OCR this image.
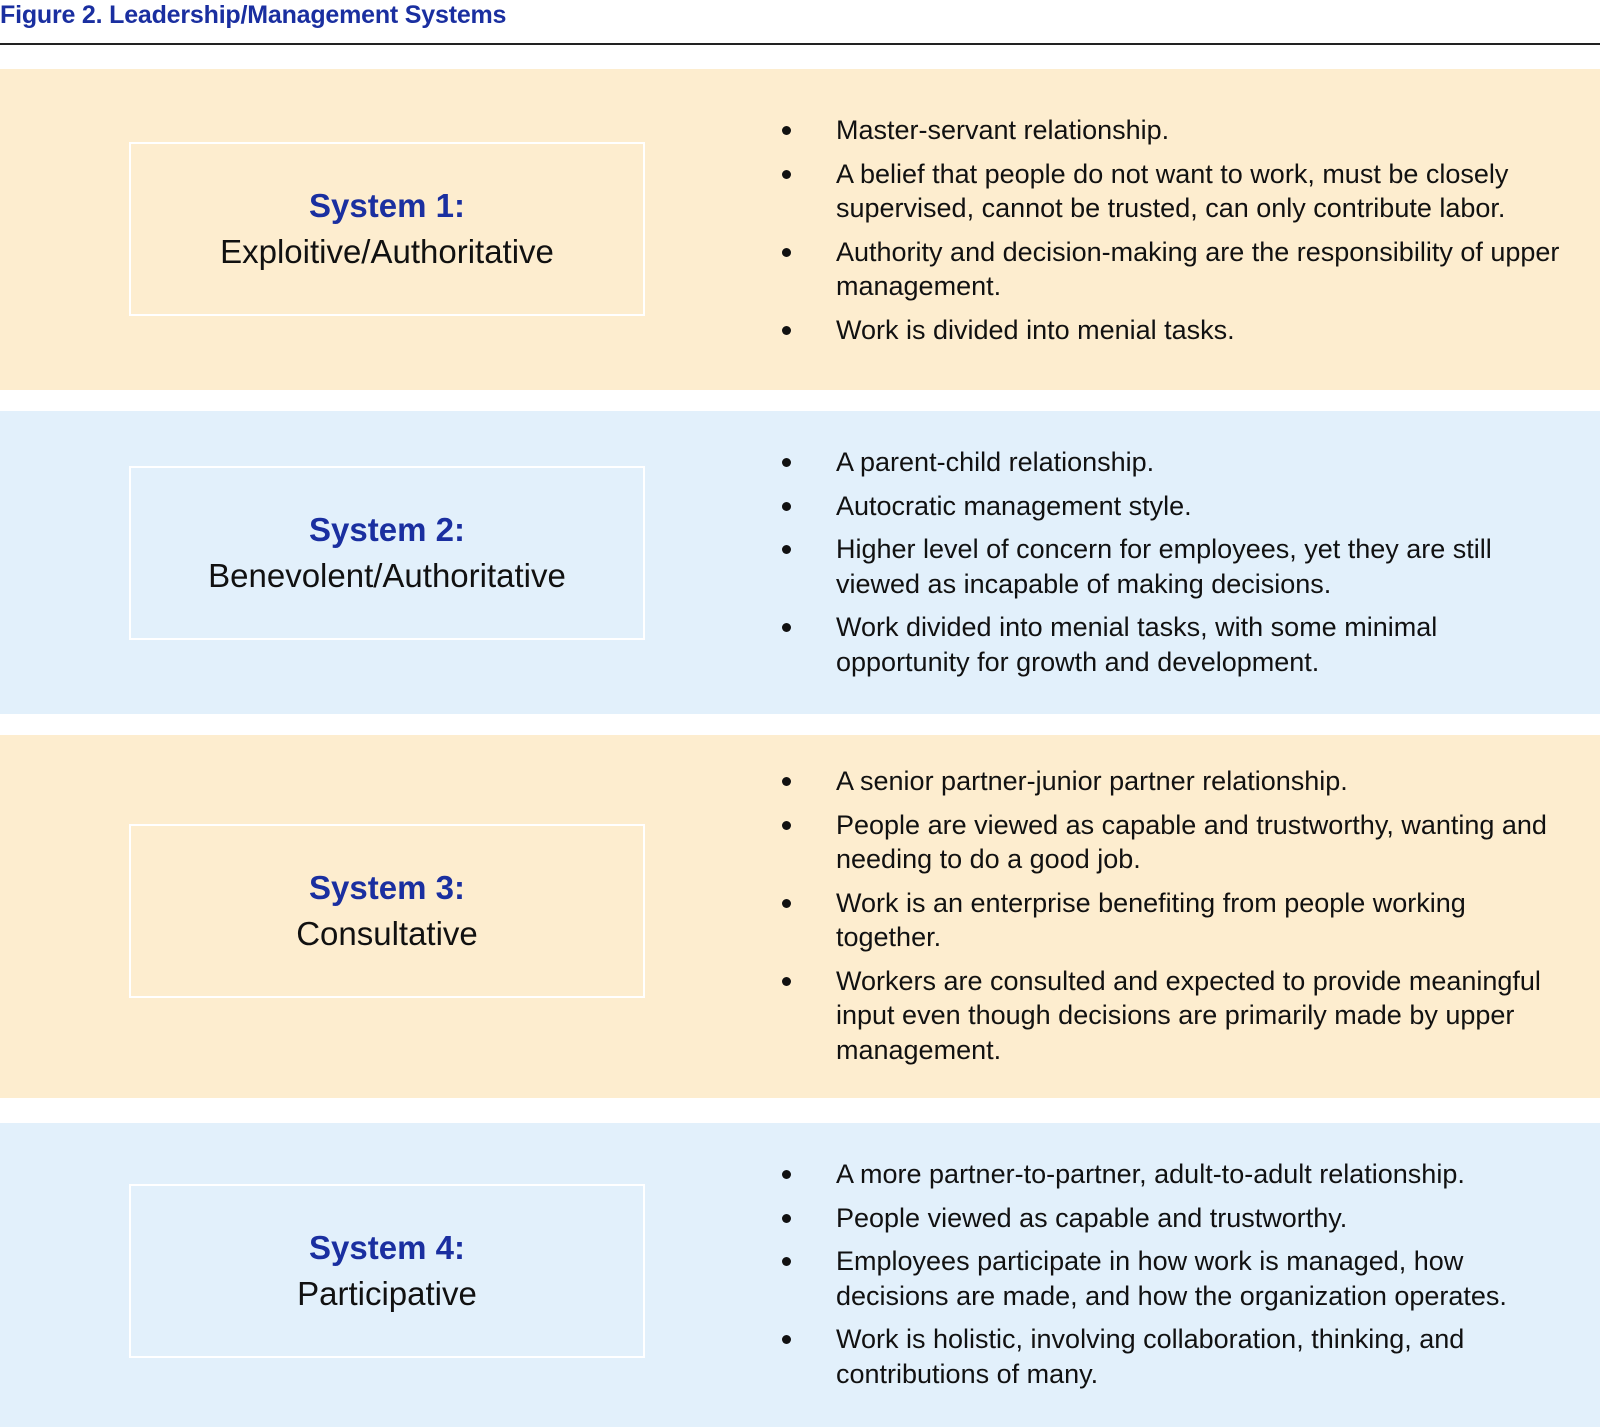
Figure 2. Leadership/Management Systems
System 1:
Exploitive/Authoritative
Master-servant relationship.
A belief that people do not want to work, must be closely supervised, cannot be trusted, can only contribute labor.
Authority and decision-making are the responsibility of upper management.
Work is divided into menial tasks.
System 2:
Benevolent/Authoritative
A parent-child relationship.
Autocratic management style.
Higher level of concern for employees, yet they are still viewed as incapable of making decisions.
Work divided into menial tasks, with some minimal opportunity for growth and development.
System 3:
Consultative
A senior partner-junior partner relationship.
People are viewed as capable and trustworthy, wanting and needing to do a good job.
Work is an enterprise benefiting from people working together.
Workers are consulted and expected to provide meaningful input even though decisions are primarily made by upper management.
System 4:
Participative
A more partner-to-partner, adult-to-adult relationship.
People viewed as capable and trustworthy.
Employees participate in how work is managed, how decisions are made, and how the organization operates.
Work is holistic, involving collaboration, thinking, and contributions of many.
